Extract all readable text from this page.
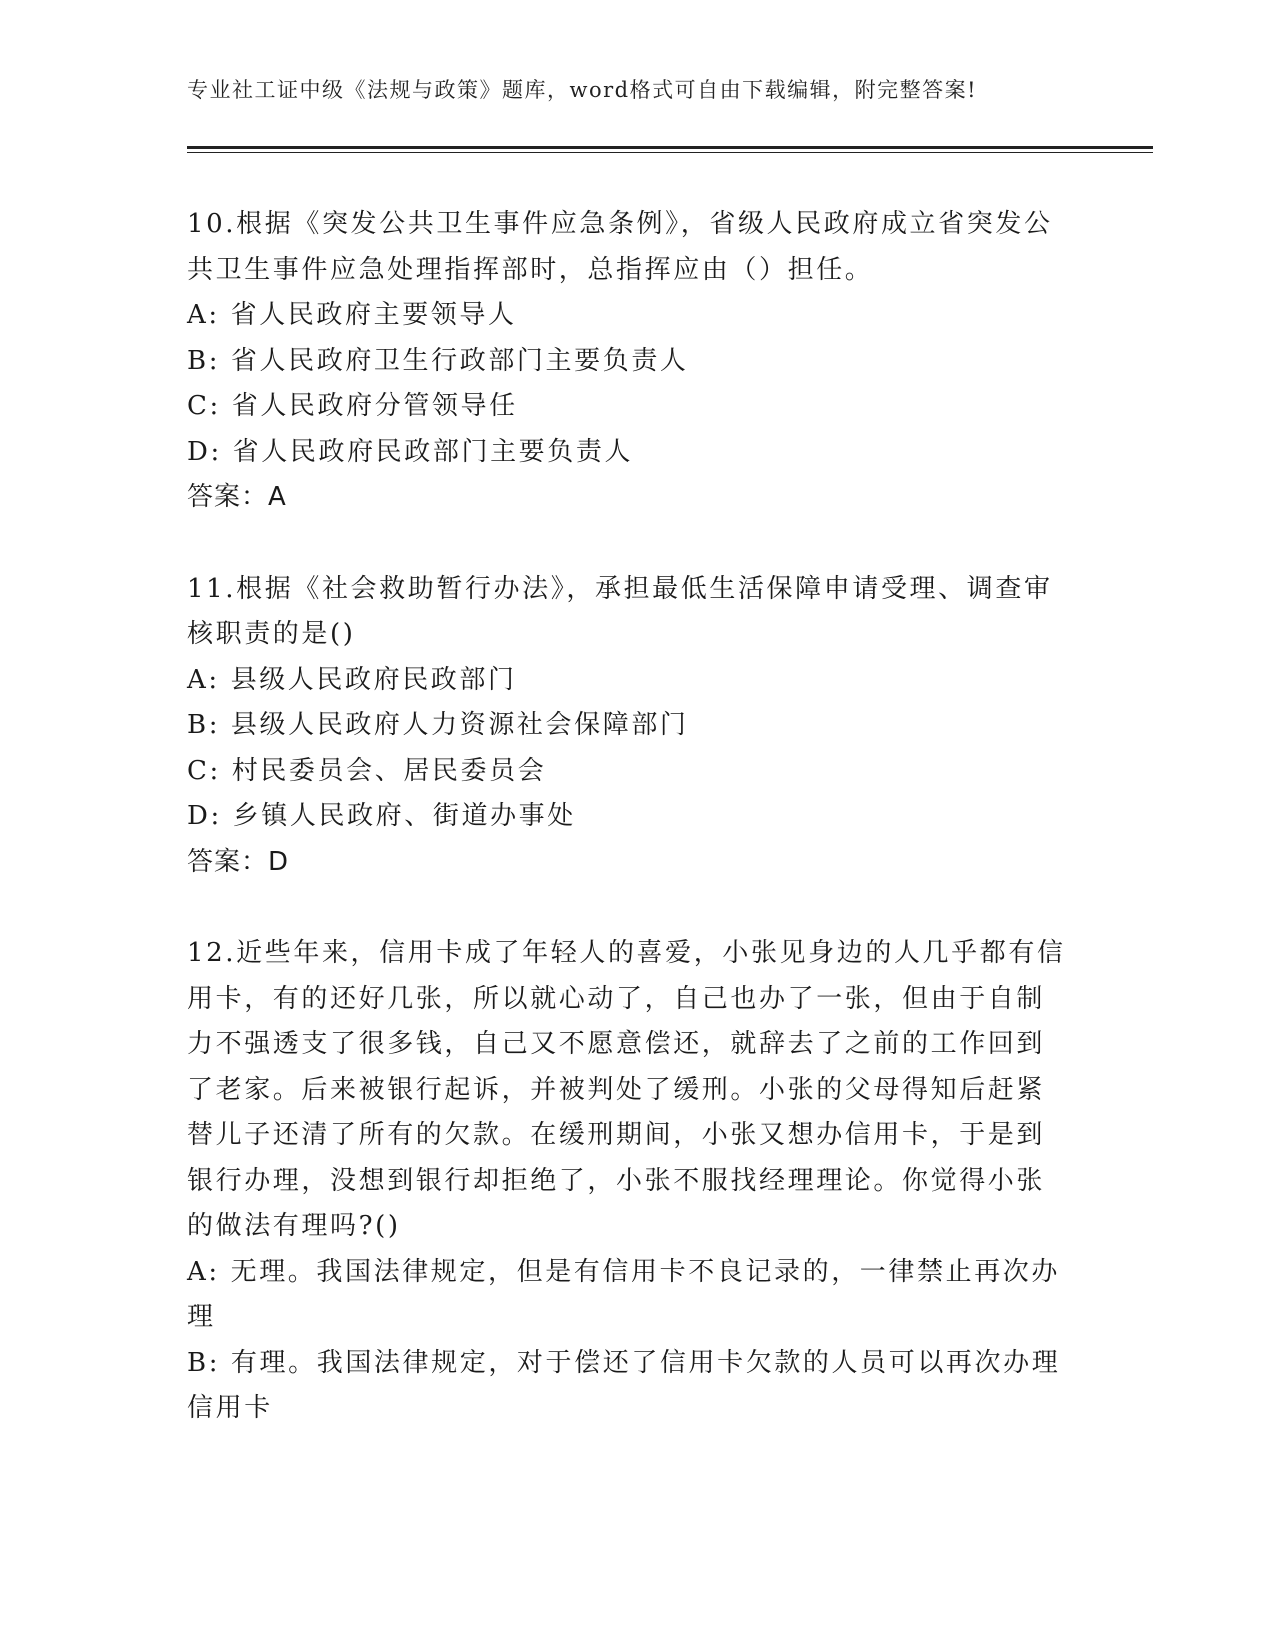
专业社工证中级《法规与政策》题库，word格式可自由下载编辑，附完整答案!

10.根据《突发公共卫生事件应急条例》，省级人民政府成立省突发公

共卫生事件应急处理指挥部时，总指挥应由（）担任。

A: 省人民政府主要领导人

B: 省人民政府卫生行政部门主要负责人

C: 省人民政府分管领导任

D: 省人民政府民政部门主要负责人

答案：A

11.根据《社会救助暂行办法》，承担最低生活保障申请受理、调查审

核职责的是()

A: 县级人民政府民政部门

B: 县级人民政府人力资源社会保障部门

C: 村民委员会、居民委员会

D: 乡镇人民政府、街道办事处

答案：D

12.近些年来，信用卡成了年轻人的喜爱，小张见身边的人几乎都有信

用卡，有的还好几张，所以就心动了，自己也办了一张，但由于自制

力不强透支了很多钱，自己又不愿意偿还，就辞去了之前的工作回到

了老家。后来被银行起诉，并被判处了缓刑。小张的父母得知后赶紧

替儿子还清了所有的欠款。在缓刑期间，小张又想办信用卡，于是到

银行办理，没想到银行却拒绝了，小张不服找经理理论。你觉得小张

的做法有理吗?()

A: 无理。我国法律规定，但是有信用卡不良记录的，一律禁止再次办

理

B: 有理。我国法律规定，对于偿还了信用卡欠款的人员可以再次办理

信用卡
